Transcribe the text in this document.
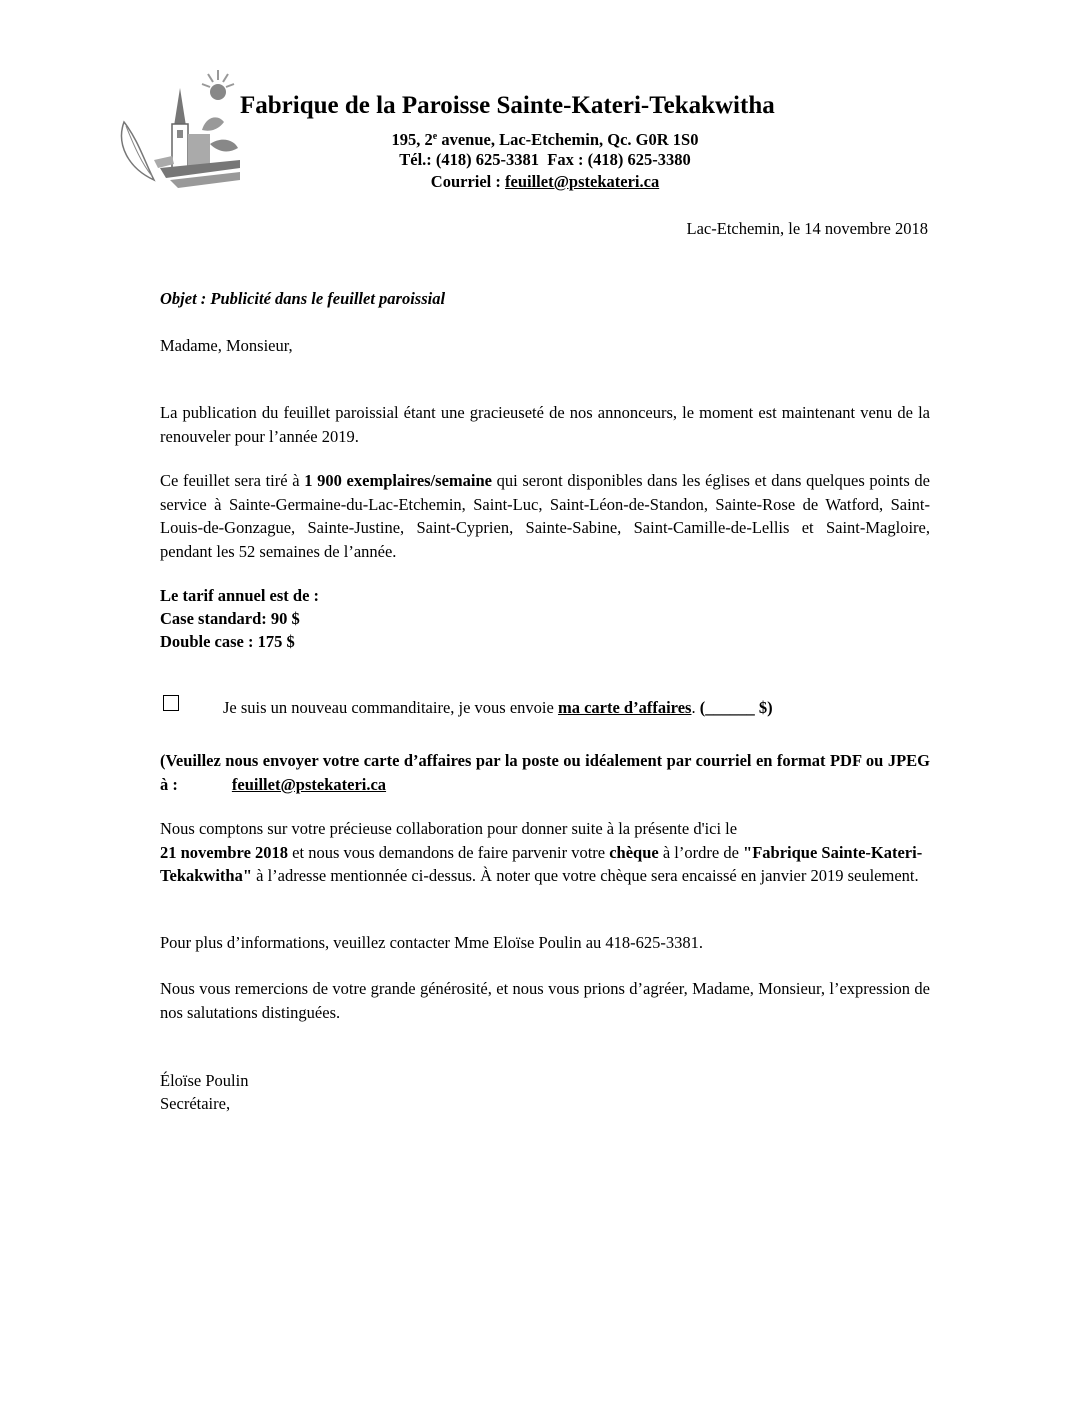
Fabrique de la Paroisse Sainte-Kateri-Tekakwitha
195, 2e avenue, Lac-Etchemin, Qc. G0R 1S0
Tél.: (418) 625-3381  Fax : (418) 625-3380
Courriel : feuillet@pstekateri.ca
Lac-Etchemin, le 14 novembre 2018
Objet : Publicité dans le feuillet paroissial
Madame, Monsieur,
La publication du feuillet paroissial étant une gracieuseté de nos annonceurs, le moment est maintenant venu de la renouveler pour l’année 2019.
Ce feuillet sera tiré à 1 900 exemplaires/semaine qui seront disponibles dans les églises et dans quelques points de service à Sainte-Germaine-du-Lac-Etchemin, Saint-Luc, Saint-Léon-de-Standon, Sainte-Rose de Watford, Saint-Louis-de-Gonzague, Sainte-Justine, Saint-Cyprien, Sainte-Sabine, Saint-Camille-de-Lellis et Saint-Magloire, pendant les 52 semaines de l’année.
Le tarif annuel est de :
Case standard: 90 $
Double case : 175 $
Je suis un nouveau commanditaire, je vous envoie ma carte d’affaires. (______ $)
(Veuillez nous envoyer votre carte d’affaires par la poste ou idéalement par courriel en format PDF ou JPEG à :	feuillet@pstekateri.ca
Nous comptons sur votre précieuse collaboration pour donner suite à la présente d'ici le
21 novembre 2018 et nous vous demandons de faire parvenir votre chèque à l’ordre de "Fabrique Sainte-Kateri-Tekakwitha" à l’adresse mentionnée ci-dessus. À noter que votre chèque sera encaissé en janvier 2019 seulement.
Pour plus d’informations, veuillez contacter Mme Eloïse Poulin au 418-625-3381.
Nous vous remercions de votre grande générosité, et nous vous prions d’agréer, Madame, Monsieur, l’expression de nos salutations distinguées.
Éloïse Poulin
Secrétaire,
